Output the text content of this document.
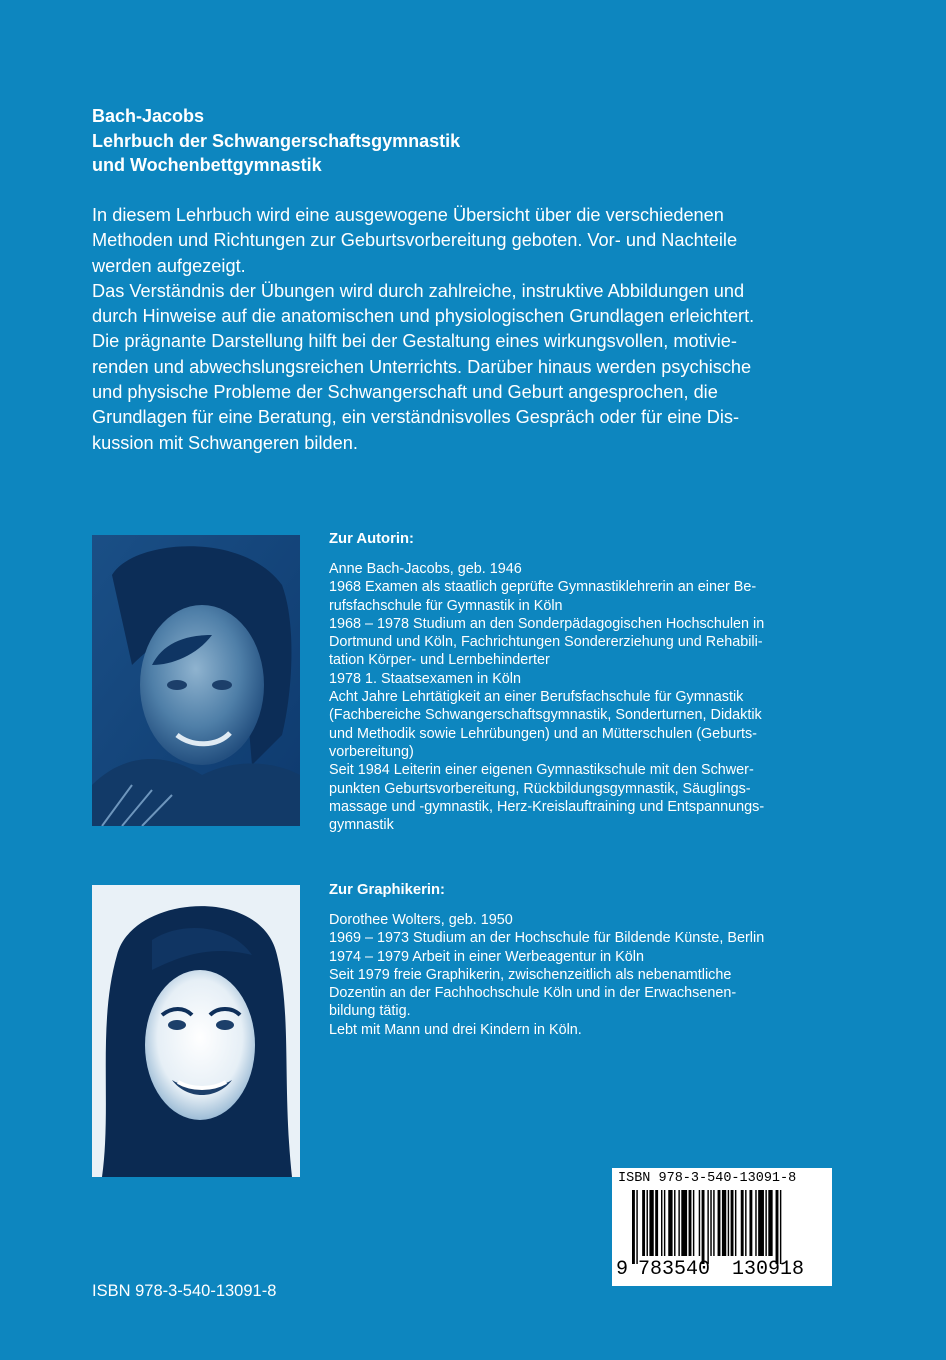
Bach-Jacobs
Lehrbuch der Schwangerschaftsgymnastik
und Wochenbettgymnastik

In diesem Lehrbuch wird eine ausgewogene Übersicht über die verschiedenen

Methoden und Richtungen zur Geburtsvorbereitung geboten. Vor- und Nachteile

werden aufgezeigt.

Das Verständnis der Übungen wird durch zahlreiche, instruktive Abbildungen und

durch Hinweise auf die anatomischen und physiologischen Grundlagen erleichtert.

Die prägnante Darstellung hilft bei der Gestaltung eines wirkungsvollen, motivie-

renden und abwechslungsreichen Unterrichts. Darüber hinaus werden psychische

und physische Probleme der Schwangerschaft und Geburt angesprochen, die

Grundlagen für eine Beratung, ein verständnisvolles Gespräch oder für eine Dis-

kussion mit Schwangeren bilden.

Zur Autorin:
Anne Bach-Jacobs, geb. 1946
1968 Examen als staatlich geprüfte Gymnastiklehrerin an einer Be-
rufsfachschule für Gymnastik in Köln
1968 – 1978 Studium an den Sonderpädagogischen Hochschulen in
Dortmund und Köln, Fachrichtungen Sondererziehung und Rehabili-
tation Körper- und Lernbehinderter
1978 1. Staatsexamen in Köln
Acht Jahre Lehrtätigkeit an einer Berufsfachschule für Gymnastik
(Fachbereiche Schwangerschaftsgymnastik, Sonderturnen, Didaktik
und Methodik sowie Lehrübungen) und an Mütterschulen (Geburts-
vorbereitung)
Seit 1984 Leiterin einer eigenen Gymnastikschule mit den Schwer-
punkten Geburtsvorbereitung, Rückbildungsgymnastik, Säuglings-
massage und -gymnastik, Herz-Kreislauftraining und Entspannungs-
gymnastik
Zur Graphikerin:
Dorothee Wolters, geb. 1950
1969 – 1973 Studium an der Hochschule für Bildende Künste, Berlin
1974 – 1979 Arbeit in einer Werbeagentur in Köln
Seit 1979 freie Graphikerin, zwischenzeitlich als nebenamtliche
Dozentin an der Fachhochschule Köln und in der Erwachsenen-
bildung tätig.
Lebt mit Mann und drei Kindern in Köln.
ISBN 978-3-540-13091-8
9 783540 130918
ISBN 978-3-540-13091-8
